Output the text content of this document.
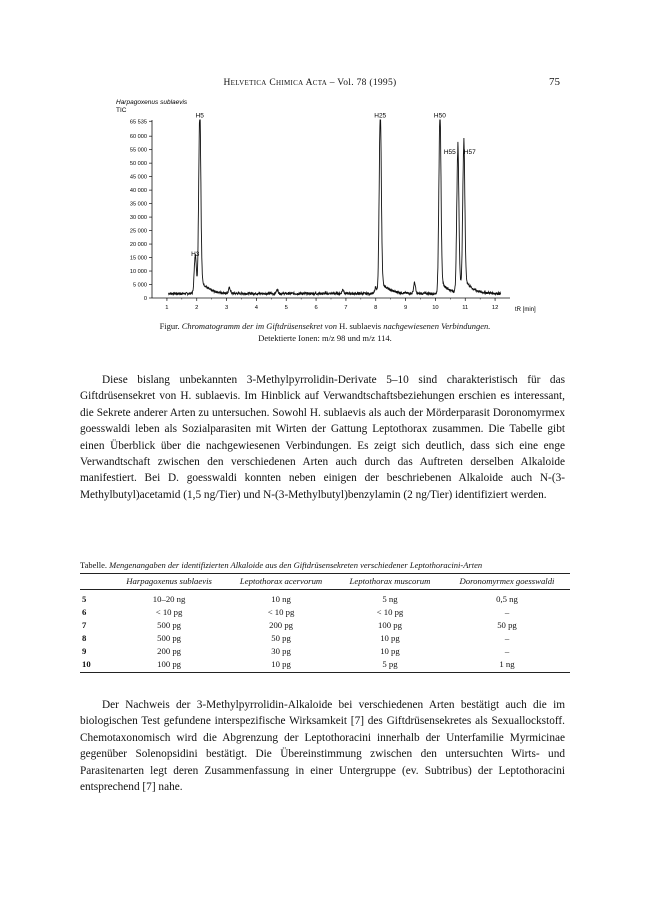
Helvetica Chimica Acta – Vol. 78 (1995)	75
Harpagoxenus sublaevis
TIC
65 535
60 000
55 000
50 000
45 000
40 000
35 000
30 000
25 000
20 000
15 000
10 000
5 000
0
1	2	3	4	5	6	7	8	9	10	11	12
H3
H5	H25	H50
H55 H57
tR [min]
Figur. Chromatogramm der im Giftdrüsensekret von H. sublaevis nachgewiesenen Verbindungen.
Detektierte Ionen: m/z 98 und m/z 114.

Diese bislang unbekannten 3-Methylpyrrolidin-Derivate 5–10 sind charakteristisch für das Giftdrüsensekret von H. sublaevis. Im Hinblick auf Verwandtschaftsbeziehungen erschien es interessant, die Sekrete anderer Arten zu untersuchen. Sowohl H. sublaevis als auch der Mörderparasit Doronomyrmex goesswaldi leben als Sozialparasiten mit Wirten der Gattung Leptothorax zusammen. Die Tabelle gibt einen Überblick über die nachgewiesenen Verbindungen. Es zeigt sich deutlich, dass sich eine enge Verwandtschaft zwischen den verschiedenen Arten auch durch das Auftreten derselben Alkaloide manifestiert. Bei D. goesswaldi konnten neben einigen der beschriebenen Alkaloide auch N-(3-Methylbutyl)acetamid (1,5 ng/Tier) und N-(3-Methylbutyl)benzylamin (2 ng/Tier) identifiziert werden.

Tabelle. Mengenangaben der identifizierten Alkaloide aus den Giftdrüsensekreten verschiedener Leptothoracini-Arten
	Harpagoxenus sublaevis	Leptothorax acervorum	Leptothorax muscorum	Doronomyrmex goesswaldi
5	10–20 ng	10 ng	5 ng	0,5 ng
6	< 10 pg	< 10 pg	< 10 pg	–
7	500 pg	200 pg	100 pg	50 pg
8	500 pg	50 pg	10 pg	–
9	200 pg	30 pg	10 pg	–
10	100 pg	10 pg	5 pg	1 ng

Der Nachweis der 3-Methylpyrrolidin-Alkaloide bei verschiedenen Arten bestätigt auch die im biologischen Test gefundene interspezifische Wirksamkeit [7] des Giftdrüsensekretes als Sexuallockstoff. Chemotaxonomisch wird die Abgrenzung der Leptothoracini innerhalb der Unterfamilie Myrmicinae gegenüber Solenopsidini bestätigt. Die Übereinstimmung zwischen den untersuchten Wirts- und Parasitenarten legt deren Zusammenfassung in einer Untergruppe (ev. Subtribus) der Leptothoracini entsprechend [7] nahe.
